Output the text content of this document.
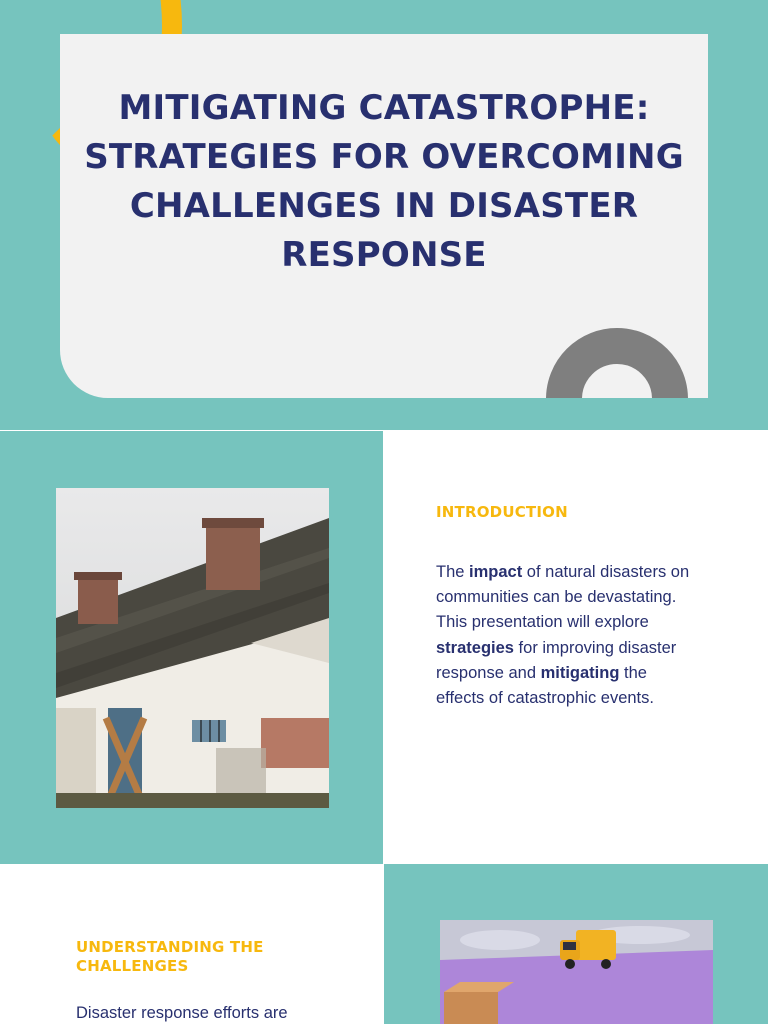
MITIGATING CATASTROPHE: STRATEGIES FOR OVERCOMING CHALLENGES IN DISASTER RESPONSE
INTRODUCTION

The impact of natural disasters on communities can be devastating. This presentation will explore strategies for improving disaster response and mitigating the effects of catastrophic events.

UNDERSTANDING THE CHALLENGES

Disaster response efforts are
